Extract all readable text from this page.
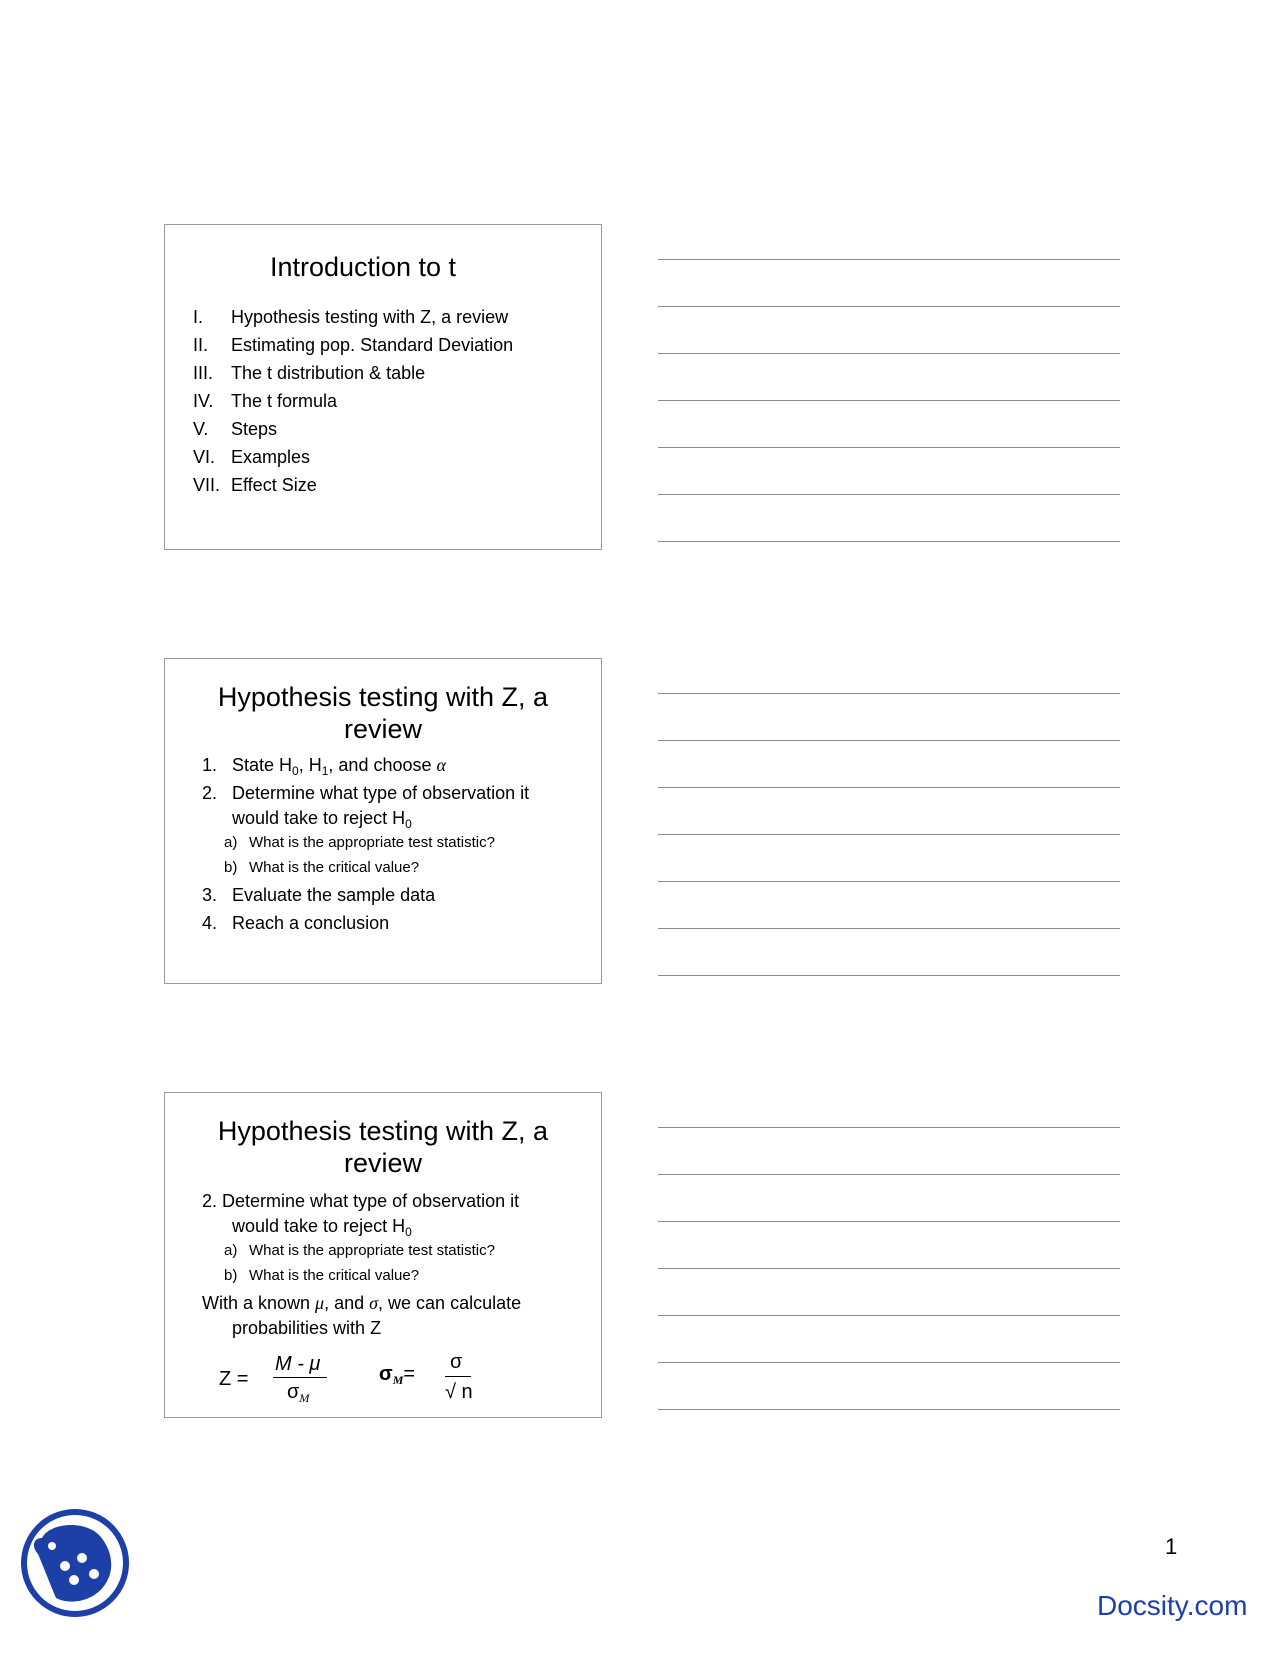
Introduction to t
I. Hypothesis testing with Z, a review
II. Estimating pop. Standard Deviation
III. The t distribution & table
IV. The t formula
V. Steps
VI. Examples
VII. Effect Size
Hypothesis testing with Z, a
review
1. State $H_0$, $H_1$, and choose α
2. Determine what type of observation it
would take to reject $H_0$
a) What is the appropriate test statistic?
b) What is the critical value?
3. Evaluate the sample data
4. Reach a conclusion
Hypothesis testing with Z, a
review
2. Determine what type of observation it
would take to reject $H_0$
a) What is the appropriate test statistic?
b) What is the critical value?
With a known μ, and σ, we can calculate
probabilities with Z
Z =
M - μ
$\sigma_M$
$\sigma_M=$
σ
√ n
1
Docsity.com
